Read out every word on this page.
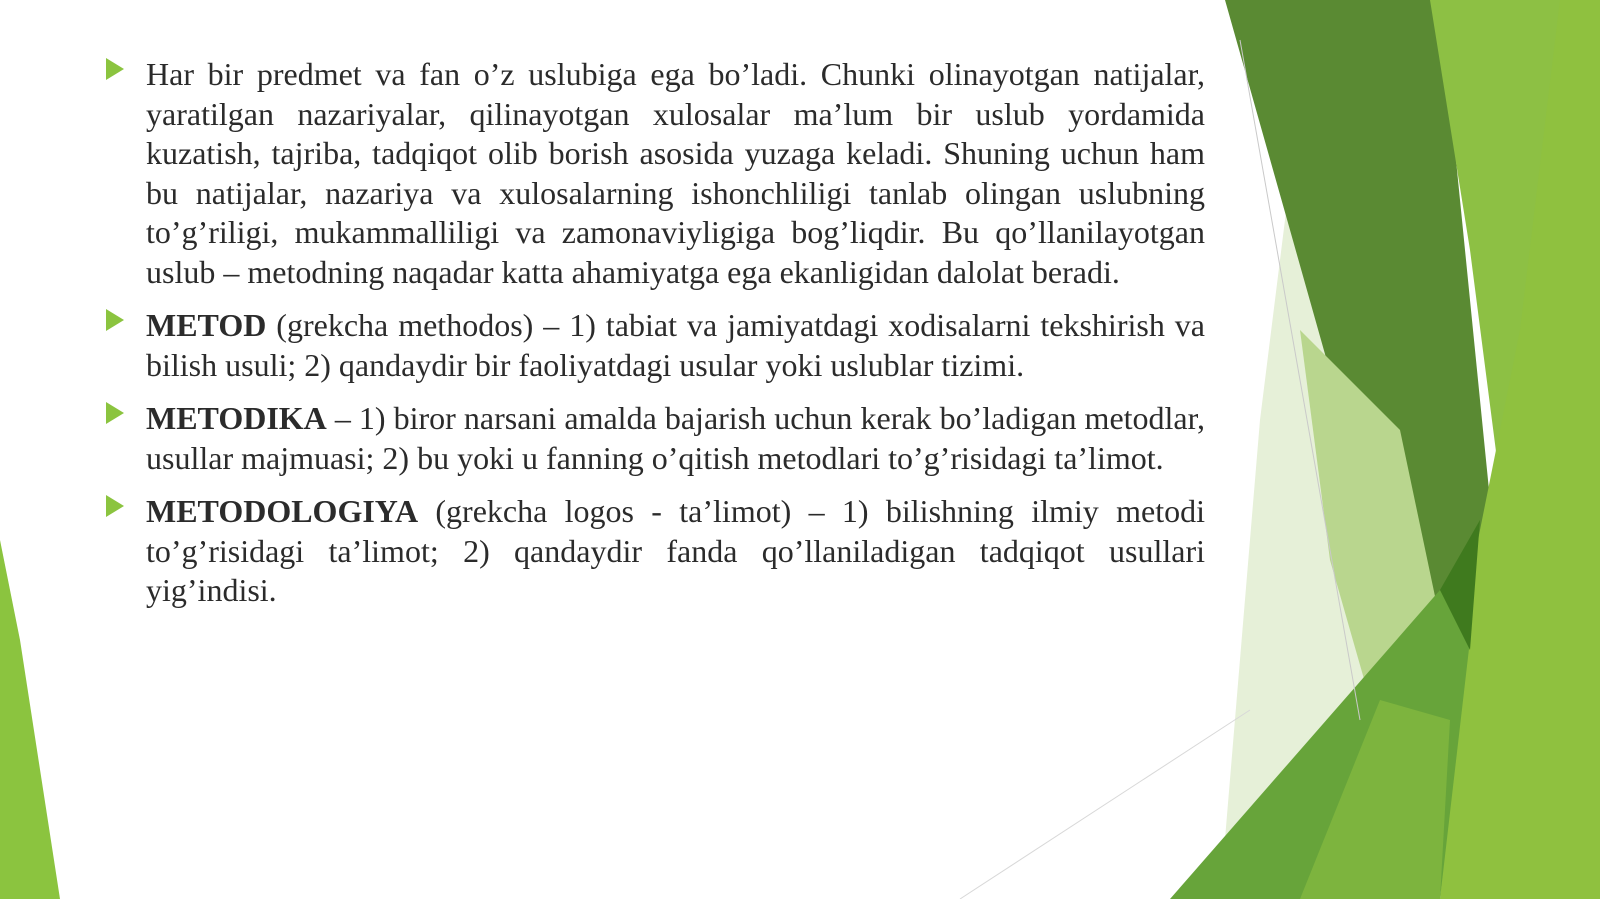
Har bir predmet va fan o’z uslubiga ega bo’ladi. Chunki olinayotgan natijalar, yaratilgan nazariyalar, qilinayotgan xulosalar ma’lum bir uslub yordamida kuzatish, tajriba, tadqiqot olib borish asosida yuzaga keladi. Shuning uchun ham bu natijalar, nazariya va xulosalarning ishonchliligi tanlab olingan uslubning to’g’riligi, mukammalliligi va zamonaviyligiga bog’liqdir. Bu qo’llanilayotgan uslub – metodning naqadar katta ahamiyatga ega ekanligidan dalolat beradi.

METOD (grekcha methodos) – 1) tabiat va jamiyatdagi xodisalarni tekshirish va bilish usuli; 2) qandaydir bir faoliyatdagi usular yoki uslublar tizimi.

METODIKA – 1) biror narsani amalda bajarish uchun kerak bo’ladigan metodlar, usullar majmuasi; 2) bu yoki u fanning o’qitish metodlari to’g’risidagi ta’limot.

METODOLOGIYA (grekcha logos - ta’limot) – 1) bilishning ilmiy metodi to’g’risidagi ta’limot; 2) qandaydir fanda qo’llaniladigan tadqiqot usullari yig’indisi.
